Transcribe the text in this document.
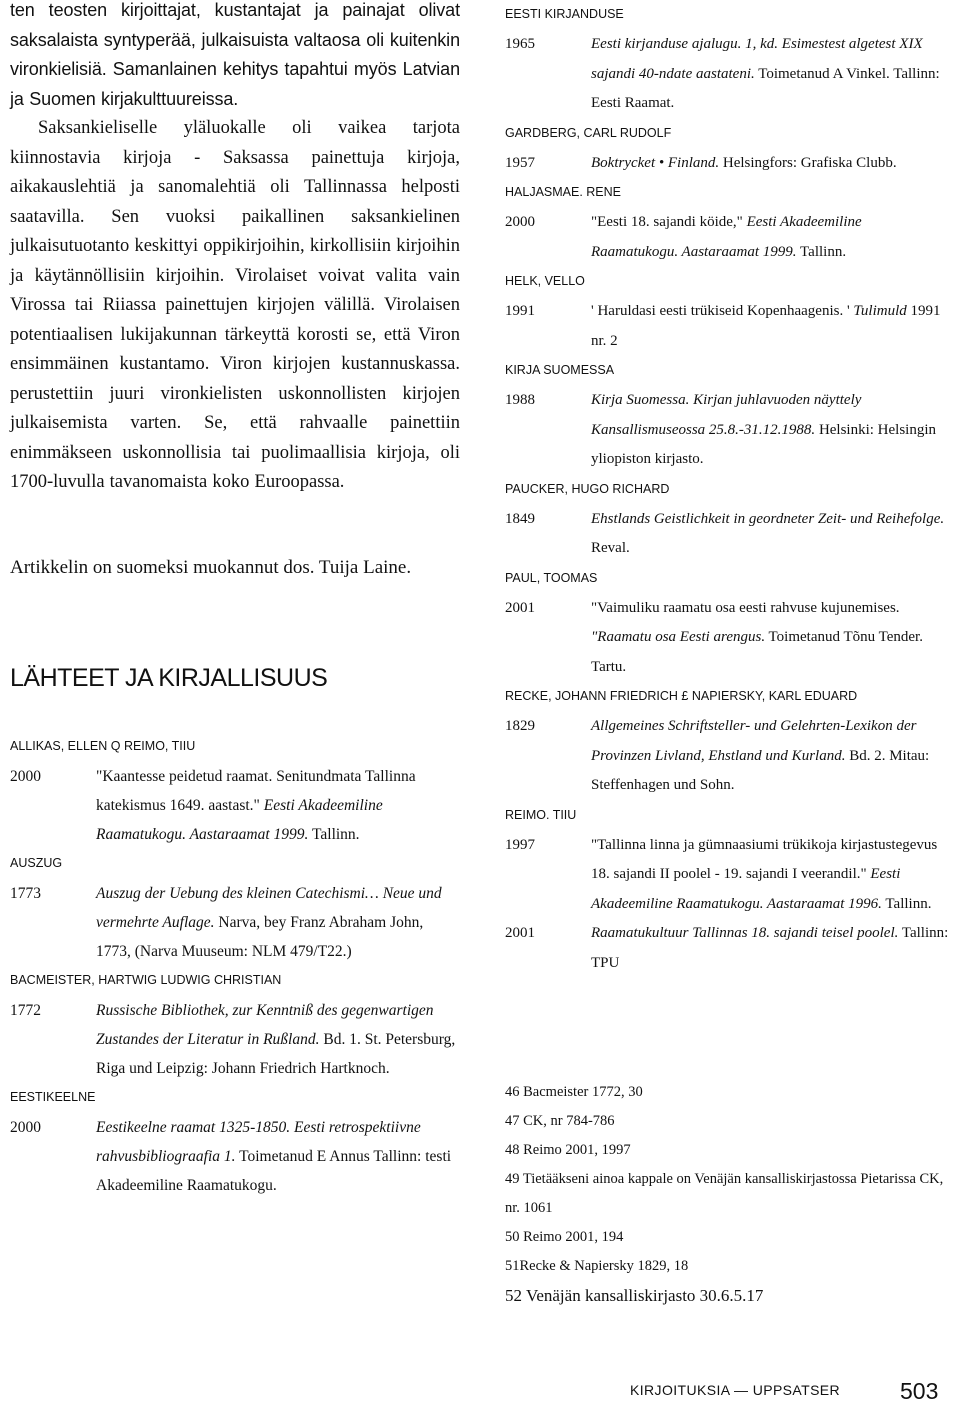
ten teosten kirjoittajat, kustantajat ja painajat olivat saksalaista syntyperää, julkaisuista valtaosa oli kuitenkin vironkielisiä. Samanlainen kehitys tapahtui myös Latvian ja Suomen kirjakulttuureissa.

Saksankieliselle yläluokalle oli vaikea tarjota kiinnostavia kirjoja - Saksassa painettuja kirjoja, aikakauslehtiä ja sanomalehtiä oli Tallinnassa helposti saatavilla. Sen vuoksi paikallinen saksankielinen julkaisutuotanto keskittyi oppikirjoihin, kirkollisiin kirjoihin ja käytännöllisiin kirjoihin. Virolaiset voivat valita vain Virossa tai Riiassa painettujen kirjojen välillä. Virolaisen potentiaalisen lukijakunnan tärkeyttä korosti se, että Viron ensimmäinen kustantamo. Viron kirjojen kustannuskassa. perustettiin juuri vironkielisten uskonnollisten kirjojen julkaisemista varten. Se, että rahvaalle painettiin enimmäkseen uskonnollisia tai puolimaallisia kirjoja, oli 1700-luvulla tavanomaista koko Euroopassa.

Artikkelin on suomeksi muokannut dos. Tuija Laine.

LÄHTEET JA KIRJALLISUUS
ALLIKAS, ELLEN Q REIMO, TIIU
2000	"Kaantesse peidetud raamat. Senitundmata Tallinna katekismus 1649. aastast." Eesti Akadeemiline Raamatukogu. Aastaraamat 1999. Tallinn.
AUSZUG
1773	Auszug der Uebung des kleinen Catechismi… Neue und vermehrte Auflage. Narva, bey Franz Abraham John, 1773, (Narva Muuseum: NLM 479/T22.)
BACMEISTER, HARTWIG LUDWIG CHRISTIAN
1772	Russische Bibliothek, zur Kenntniß des gegenwartigen Zustandes der Literatur in Rußland. Bd. 1. St. Petersburg, Riga und Leipzig: Johann Friedrich Hartknoch.
EESTIKEELNE
2000	Eestikeelne raamat 1325-1850. Eesti retrospektiivne rahvusbibliograafia 1. Toimetanud E Annus Tallinn: testi Akadeemiline Raamatukogu.
EESTI KIRJANDUSE
1965	Eesti kirjanduse ajalugu. 1, kd. Esimestest algetest XIX sajandi 40-ndate aastateni. Toimetanud A Vinkel. Tallinn: Eesti Raamat.
GARDBERG, CARL RUDOLF
1957	Boktrycket • Finland. Helsingfors: Grafiska Clubb.
HALJASMAE. RENE
2000	"Eesti 18. sajandi köide," Eesti Akadeemiline Raamatukogu. Aastaraamat 1999. Tallinn.
HELK, VELLO
1991	' Haruldasi eesti trükiseid Kopenhaagenis. ' Tulimuld 1991 nr. 2
KIRJA SUOMESSA
1988	Kirja Suomessa. Kirjan juhlavuoden näyttely Kansallismuseossa 25.8.-31.12.1988. Helsinki: Helsingin yliopiston kirjasto.
PAUCKER, HUGO RICHARD
1849	Ehstlands Geistlichkeit in geordneter Zeit- und Reihefolge. Reval.
PAUL, TOOMAS
2001	"Vaimuliku raamatu osa eesti rahvuse kujunemises. "Raamatu osa Eesti arengus. Toimetanud Tõnu Tender. Tartu.
RECKE, JOHANN FRIEDRICH £ NAPIERSKY, KARL EDUARD
1829	Allgemeines Schriftsteller- und Gelehrten-Lexikon der Provinzen Livland, Ehstland und Kurland. Bd. 2. Mitau: Steffenhagen und Sohn.
REIMO. TIIU
1997	"Tallinna linna ja gümnaasiumi trükikoja kirjastustegevus 18. sajandi II poolel - 19. sajandi I veerandil." Eesti Akadeemiline Raamatukogu. Aastaraamat 1996. Tallinn.
2001	Raamatukultuur Tallinnas 18. sajandi teisel poolel. Tallinn: TPU
46 Bacmeister 1772, 30
47 CK, nr 784-786
48 Reimo 2001, 1997
49 Tietääkseni ainoa kappale on Venäjän kansalliskirjastossa Pietarissa CK, nr. 1061
50 Reimo 2001, 194
51Recke & Napiersky 1829, 18
52 Venäjän kansalliskirjasto 30.6.5.17
KIRJOITUKSIA — UPPSATSER	503
